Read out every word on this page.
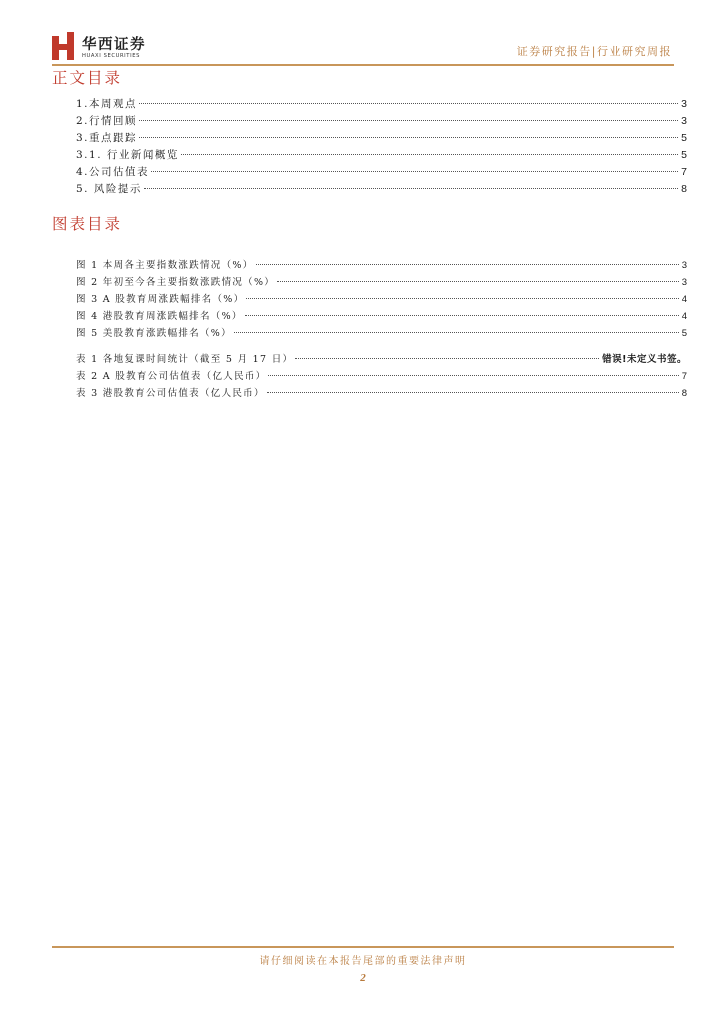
华西证券
HUAXI SECURITIES	证券研究报告|行业研究周报
正文目录
1.本周观点	3
2.行情回顾	3
3.重点跟踪	5
3.1. 行业新闻概览	5
4.公司估值表	7
5. 风险提示	8
图表目录
图 1 本周各主要指数涨跌情况（%）	3
图 2 年初至今各主要指数涨跌情况（%）	3
图 3 A 股教育周涨跌幅排名（%）	4
图 4 港股教育周涨跌幅排名（%）	4
图 5 美股教育涨跌幅排名（%）	5
表 1 各地复课时间统计（截至 5 月 17 日）	错误!未定义书签。
表 2 A 股教育公司估值表（亿人民币）	7
表 3 港股教育公司估值表（亿人民币）	8
请仔细阅读在本报告尾部的重要法律声明
2
